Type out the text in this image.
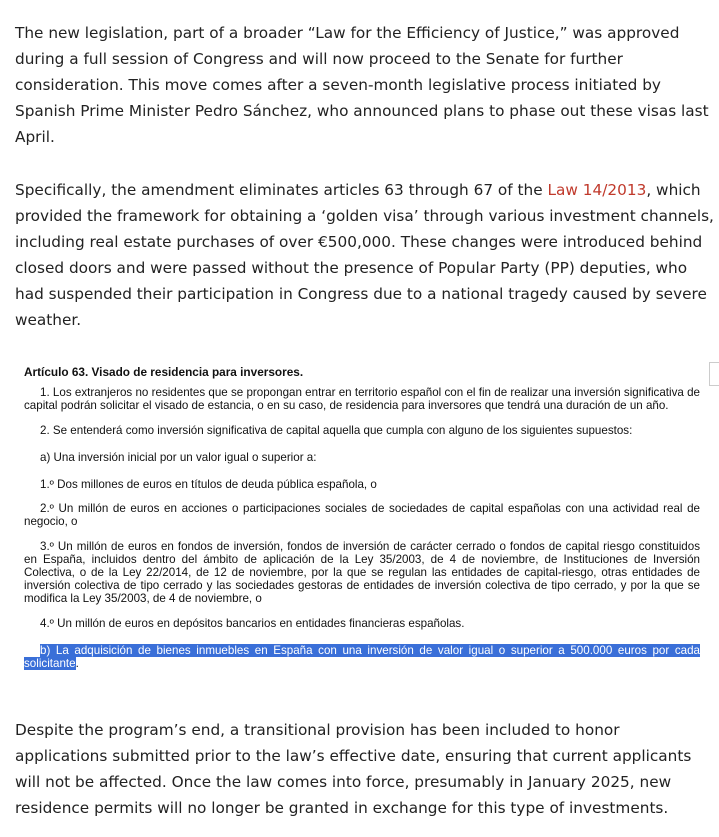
The new legislation, part of a broader “Law for the Efficiency of Justice,” was approved during a full session of Congress and will now proceed to the Senate for further consideration. This move comes after a seven-month legislative process initiated by Spanish Prime Minister Pedro Sánchez, who announced plans to phase out these visas last April.

Specifically, the amendment eliminates articles 63 through 67 of the Law 14/2013, which provided the framework for obtaining a ‘golden visa’ through various investment channels, including real estate purchases of over €500,000. These changes were introduced behind closed doors and were passed without the presence of Popular Party (PP) deputies, who had suspended their participation in Congress due to a national tragedy caused by severe weather.

Despite the program’s end, a transitional provision has been included to honor applications submitted prior to the law’s effective date, ensuring that current applicants will not be affected. Once the law comes into force, presumably in January 2025, new residence permits will no longer be granted in exchange for this type of investments.

Artículo 63. Visado de residencia para inversores.

1. Los extranjeros no residentes que se propongan entrar en territorio español con el fin de realizar una inversión significativa de capital podrán solicitar el visado de estancia, o en su caso, de residencia para inversores que tendrá una duración de un año.

2. Se entenderá como inversión significativa de capital aquella que cumpla con alguno de los siguientes supuestos:

a) Una inversión inicial por un valor igual o superior a:

1.º Dos millones de euros en títulos de deuda pública española, o

2.º Un millón de euros en acciones o participaciones sociales de sociedades de capital españolas con una actividad real de negocio, o

3.º Un millón de euros en fondos de inversión, fondos de inversión de carácter cerrado o fondos de capital riesgo constituidos en España, incluidos dentro del ámbito de aplicación de la Ley 35/2003, de 4 de noviembre, de Instituciones de Inversión Colectiva, o de la Ley 22/2014, de 12 de noviembre, por la que se regulan las entidades de capital-riesgo, otras entidades de inversión colectiva de tipo cerrado y las sociedades gestoras de entidades de inversión colectiva de tipo cerrado, y por la que se modifica la Ley 35/2003, de 4 de noviembre, o

4.º Un millón de euros en depósitos bancarios en entidades financieras españolas.

b) La adquisición de bienes inmuebles en España con una inversión de valor igual o superior a 500.000 euros por cada solicitante.
